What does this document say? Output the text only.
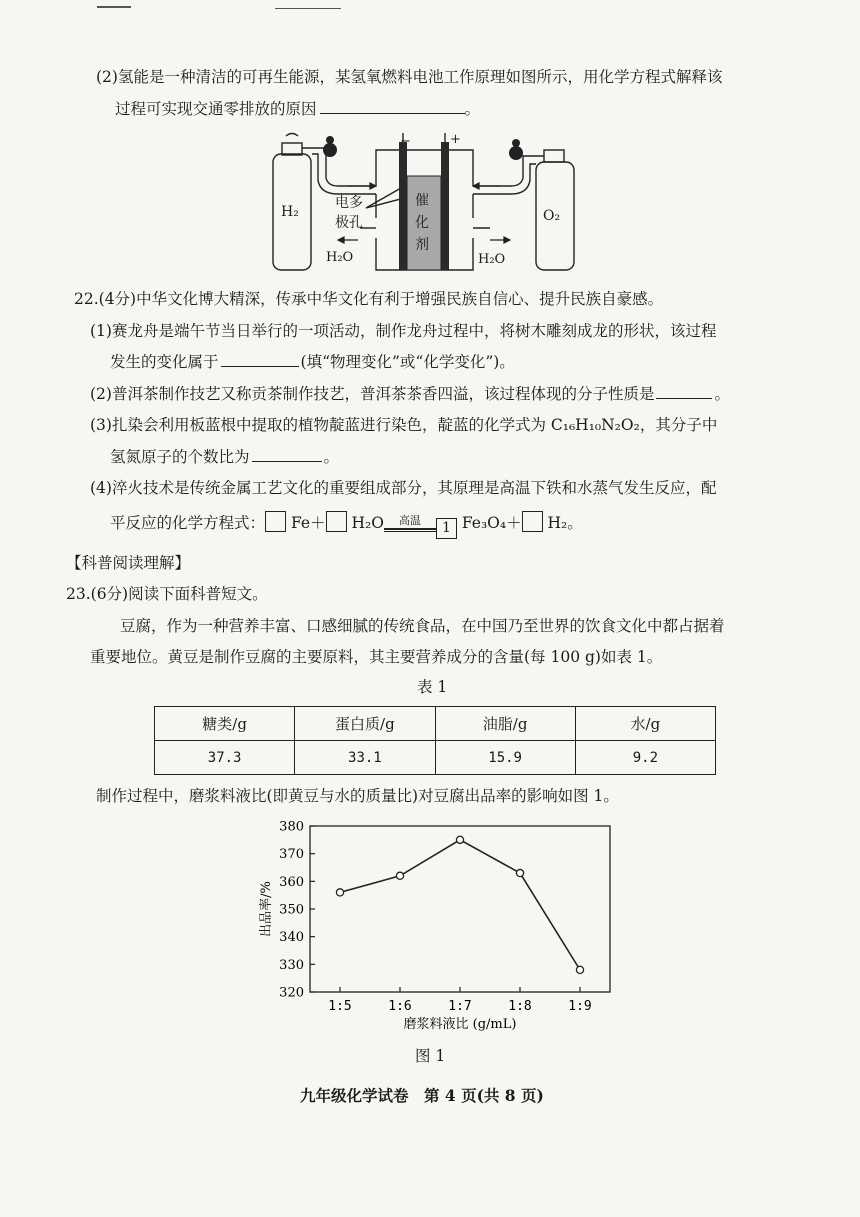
(2)氢能是一种清洁的可再生能源，某氢氧燃料电池工作原理如图所示，用化学方程式解释该
过程可实现交通零排放的原因	。
−	+
H₂	O₂
电多
极孔
催
化
剂
H₂O	H₂O
22.(4分)中华文化博大精深，传承中华文化有利于增强民族自信心、提升民族自豪感。
(1)赛龙舟是端午节当日举行的一项活动，制作龙舟过程中，将树木雕刻成龙的形状，该过程
发生的变化属于	(填“物理变化”或“化学变化”)。
(2)普洱茶制作技艺又称贡茶制作技艺，普洱茶茶香四溢，该过程体现的分子性质是	。
(3)扎染会利用板蓝根中提取的植物靛蓝进行染色，靛蓝的化学式为 C₁₆H₁₀N₂O₂，其分子中
氢氮原子的个数比为	。
(4)淬火技术是传统金属工艺文化的重要组成部分，其原理是高温下铁和水蒸气发生反应，配
平反应的化学方程式： Fe＋ H₂O	高温	1 Fe₃O₄＋ H₂。
【科普阅读理解】
23.(6分)阅读下面科普短文。
豆腐，作为一种营养丰富、口感细腻的传统食品，在中国乃至世界的饮食文化中都占据着
重要地位。黄豆是制作豆腐的主要原料，其主要营养成分的含量(每 100 g)如表 1。
表 1
糖类/g	蛋白质/g	油脂/g	水/g
37.3	33.1	15.9	9.2
制作过程中，磨浆料液比(即黄豆与水的质量比)对豆腐出品率的影响如图 1。
320
330
340
350
360
370
380
1:5	1:6	1:7	1:8	1:9
出品率/%
磨浆料液比 (g/mL)
图 1
九年级化学试卷　第 4 页(共 8 页)
